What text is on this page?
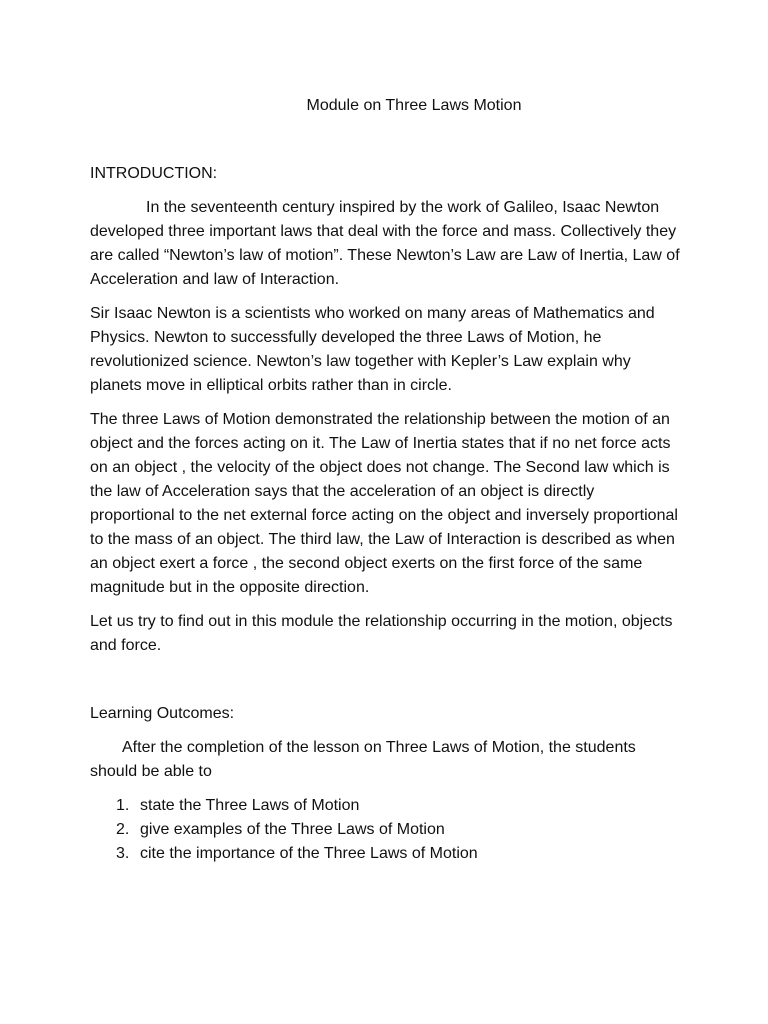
Module on Three Laws Motion
INTRODUCTION:

In the seventeenth century inspired by the work of Galileo, Isaac Newton developed three important laws that deal with the force and mass. Collectively they are called “Newton’s law of motion”. These Newton’s Law are Law of Inertia, Law of Acceleration and law of Interaction.

Sir Isaac Newton is a scientists who worked on many areas of Mathematics and Physics. Newton to successfully developed the three Laws of Motion, he revolutionized science. Newton’s law together with Kepler’s Law explain why planets move in elliptical orbits rather than in circle.

The three Laws of Motion demonstrated the relationship between the motion of an object and the forces acting on it. The Law of Inertia states that if no net force acts on an object , the velocity of the object does not change. The Second law which is the law of Acceleration says that the acceleration of an object is directly proportional to the net external force acting on the object and inversely proportional to the mass of an object. The third law, the Law of Interaction is described as when an object exert a force , the second object exerts on the first force of the same magnitude but in the opposite direction.

Let us try to find out in this module the relationship occurring in the motion, objects and force.

Learning Outcomes:

After the completion of the lesson on Three Laws of Motion, the students should be able to

1. state the Three Laws of Motion
2. give examples of the Three Laws of Motion
3. cite the importance of the Three Laws of Motion
